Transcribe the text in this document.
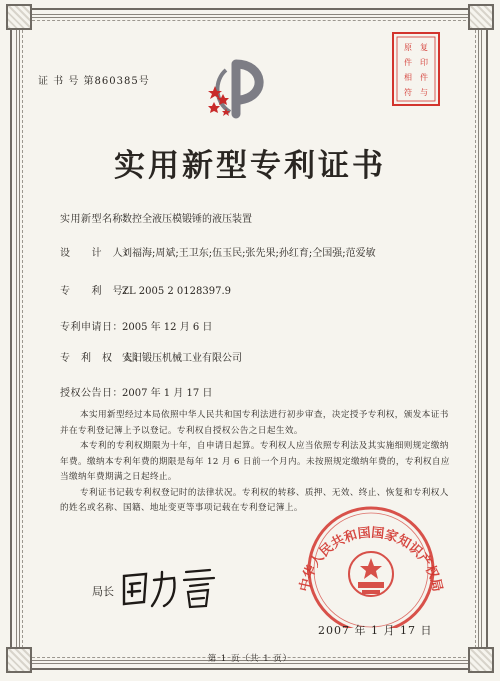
证 书 号 第860385号
复印件与原件相符
实用新型专利证书
实用新型名称：数控全液压模锻锤的液压装置
设　　计　人：刘福海;周斌;王卫东;伍玉民;张先果;孙红育;仝国强;范爱敏
专　　利　号：ZL 2005 2 0128397.9
专利申请日：2005 年 12 月 6 日
专　利　权　人：安阳锻压机械工业有限公司
授权公告日：2007 年 1 月 17 日

本实用新型经过本局依照中华人民共和国专利法进行初步审查，决定授予专利权，颁发本证书并在专利登记簿上予以登记。专利权自授权公告之日起生效。

本专利的专利权期限为十年，自申请日起算。专利权人应当依照专利法及其实施细则规定缴纳年费。缴纳本专利年费的期限是每年 12 月 6 日前一个月内。未按照规定缴纳年费的，专利权自应当缴纳年费期满之日起终止。

专利证书记载专利权登记时的法律状况。专利权的转移、质押、无效、终止、恢复和专利权人的姓名或名称、国籍、地址变更等事项记载在专利登记簿上。

局长	中华人民共和国国家知识产权局
2007 年 1 月 17 日
第 1 页（共 1 页）
